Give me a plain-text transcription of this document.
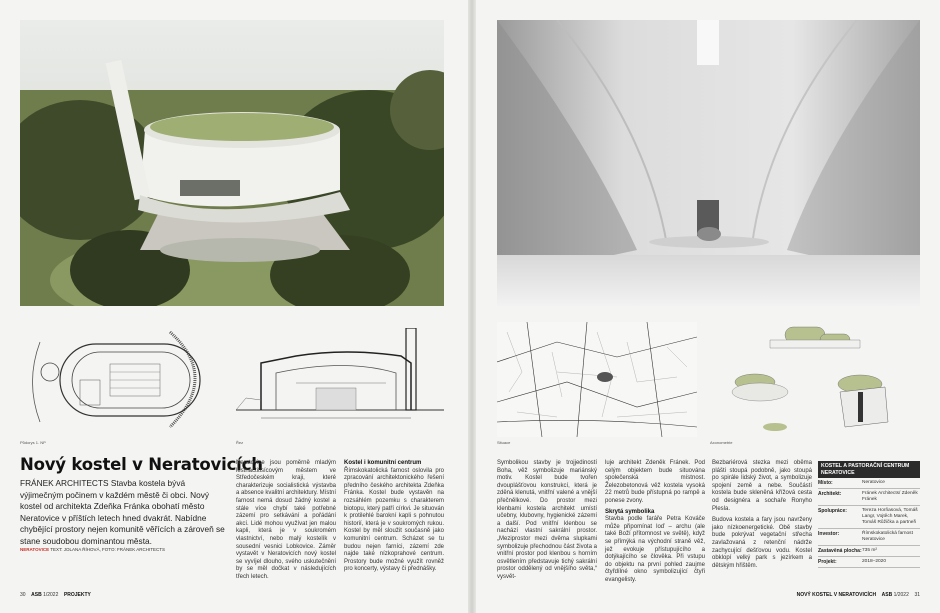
Půdorys 1. NP	Řez	Situace	Axonometrie
Nový kostel v Neratovicích
FRÁNEK ARCHITECTS Stavba kostela bývá výjimečným počinem v každém městě či obci. Nový kostel od architekta Zdeňka Fránka obohatí město Neratovice v příštích letech hned dvakrát. Nabídne chybějící prostory nejen komunitě věřících a zároveň se stane soudobou dominantou města.
NERATOVICE TEXT: JOLANA ŘÍHOVÁ, FOTO: FRÁNEK ARCHITECTS
Neratovice jsou poměrně mladým lestnáctitisícovým městem ve Středočeském kraji, které charakterizuje socialistická výstavba a absence kvalitní architektury. Místní farnost nemá dosud žádný kostel a stále více chybí také potřebné zázemí pro setkávání a pořádání akcí. Lidé mohou využívat jen malou kapli, která je v soukromém vlastnictví, nebo malý kostelík v sousední vesnici Lobkovice. Záměr vystavět v Neratovicích nový kostel se vyvíjel dlouho, svého uskutečnění by se měl dočkat v následujících třech letech.
Kostel i komunitní centrum
Římskokatolická farnost oslovila pro zpracování architektonického řešení předního českého architekta Zdeňka Fránka. Kostel bude vystavěn na rozsáhlém pozemku s charakterem biotopu, který patří církvi. Je situován k protilehlé barokní kapli s pohnutou historií, která je v soukromých rukou. Kostel by měl sloužit současně jako komunitní centrum. Scházet se tu budou nejen farníci, zázemí zde najde také nízkoprahové centrum. Prostory bude možné využít rovněž pro koncerty, výstavy či přednášky.
Symbolikou stavby je trojjediností Boha, věž symbolizuje mariánský motiv. Kostel bude tvořen dvouplášťovou konstrukcí, která je zděná klenutá, vnitřní valené a vnější přečnělkové. Do prostor mezi klenbami kostela architekt umístí učebny, klubovny, hygienické zázemí a další. Pod vnitřní klenbou se nachází vlastní sakrální prostor. „Meziprostor mezi dvěma slupkami symbolizuje přechodnou část života a vnitřní prostor pod klenbou s horním osvětlením představuje tichý sakrální prostor oddělený od vnějšího světa,“ vysvět-
luje architekt Zdeněk Fránek. Pod celým objektem bude situována společenská místnost. Železobetonová věž kostela vysoká 22 metrů bude přístupná po rampě a ponese zvony.
Skrytá symbolika
Stavba podle faráře Petra Kováče může připomínat loď – archu (ale také Boží přítomnost ve světě), když se přímýká na východní straně věž, jež evokuje přístupujícího a dotýkajícího se člověka. Při vstupu do objektu na první pohled zaujme čtyřdílné okno symbolizující čtyři evangelisty.
Bezbariérová stezka mezi oběma plášti stoupá podobně, jako stoupá po spirále lidský život, a symbolizuje spojení země a nebe. Součástí kostela bude skleněná křížová cesta od designéra a sochaře Ronyho Plesla.
Budova kostela a fary jsou navrženy jako nízkoenergetické. Obě stavby bude pokrývat vegetační střecha zavlažovaná z retenční nádrže zachycující dešťovou vodu. Kostel obklopí velký park s jezírkem a dětským hřištěm.
KOSTEL A PASTORAČNÍ CENTRUM NERATOVICE
Místo:	Neratovice
Architekt:	Fránek Architects/ Zdeněk Fránek
Spolupráce:	Tereza Horňasová, Tomáš Langr, Vojtěch Marek, Tomáš Růžička a partneři
Investor:	Římskokatolická farnost Neratovice
Zastavěná plocha: 735 m²
Projekt:	2018–2020
30 ASB 1/2022 PROJEKTY	NOVÝ KOSTEL V NERATOVICÍCH ASB 1/2022 31
